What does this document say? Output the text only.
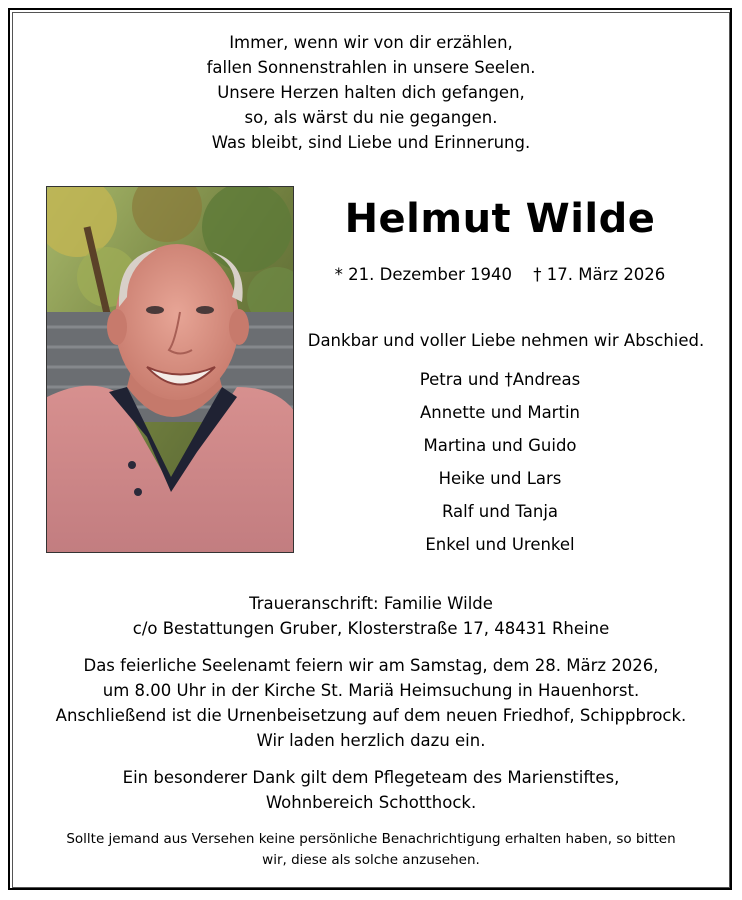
Immer, wenn wir von dir erzählen,
fallen Sonnenstrahlen in unsere Seelen.
Unsere Herzen halten dich gefangen,
so, als wärst du nie gegangen.
Was bleibt, sind Liebe und Erinnerung.
Helmut Wilde
* 21. Dezember 1940 † 17. März 2026
Dankbar und voller Liebe nehmen wir Abschied.
Petra und †Andreas
Annette und Martin
Martina und Guido
Heike und Lars
Ralf und Tanja
Enkel und Urenkel
Traueranschrift: Familie Wilde
c/o Bestattungen Gruber, Klosterstraße 17, 48431 Rheine
Das feierliche Seelenamt feiern wir am Samstag, dem 28. März 2026,
um 8.00 Uhr in der Kirche St. Mariä Heimsuchung in Hauenhorst.
Anschließend ist die Urnenbeisetzung auf dem neuen Friedhof, Schippbrock.
Wir laden herzlich dazu ein.
Ein besonderer Dank gilt dem Pflegeteam des Marienstiftes,
Wohnbereich Schotthock.
Sollte jemand aus Versehen keine persönliche Benachrichtigung erhalten haben, so bitten
wir, diese als solche anzusehen.
